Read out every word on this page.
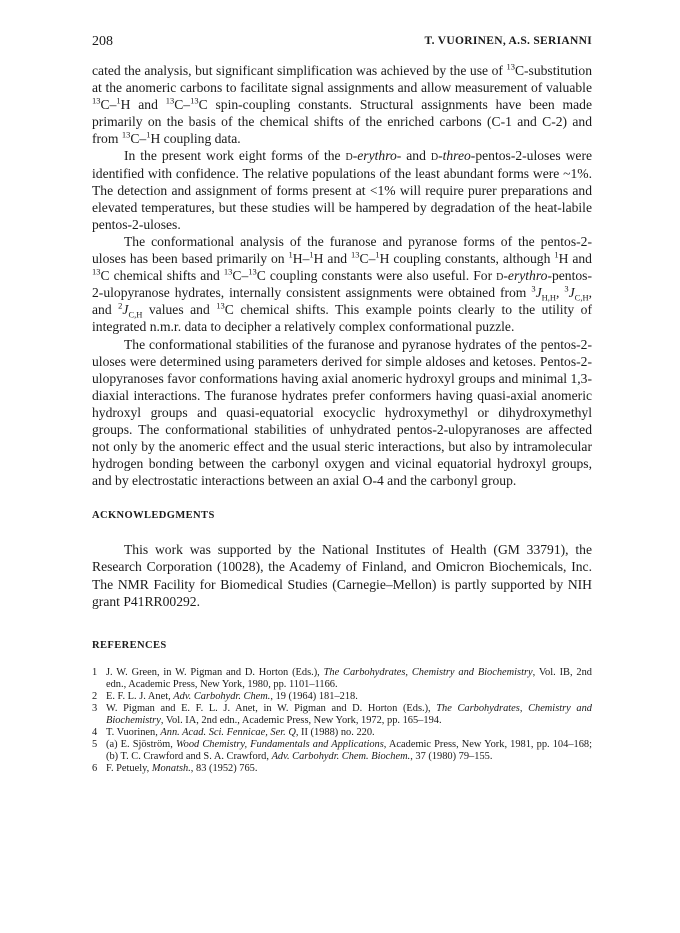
208	T. VUORINEN, A.S. SERIANNI

cated the analysis, but significant simplification was achieved by the use of $^{13}$C-substitution at the anomeric carbons to facilitate signal assignments and allow measurement of valuable $^{13}$C–$^1$H and $^{13}$C–$^{13}$C spin-coupling constants. Structural assignments have been made primarily on the basis of the chemical shifts of the enriched carbons (C-1 and C-2) and from $^{13}$C–$^1$H coupling data.

In the present work eight forms of the d-erythro- and d-threo-pentos-2-uloses were identified with confidence. The relative populations of the least abundant forms were ~1%. The detection and assignment of forms present at <1% will require purer preparations and elevated temperatures, but these studies will be hampered by degradation of the heat-labile pentos-2-uloses.

The conformational analysis of the furanose and pyranose forms of the pentos-2-uloses has been based primarily on $^1$H–$^1$H and $^{13}$C–$^1$H coupling constants, although $^1$H and $^{13}$C chemical shifts and $^{13}$C–$^{13}$C coupling constants were also useful. For d-erythro-pentos-2-ulopyranose hydrates, internally consistent assignments were obtained from $^3J_{H,H}$, $^3J_{C,H}$, and $^2J_{C,H}$ values and $^{13}$C chemical shifts. This example points clearly to the utility of integrated n.m.r. data to decipher a relatively complex conformational puzzle.

The conformational stabilities of the furanose and pyranose hydrates of the pentos-2-uloses were determined using parameters derived for simple aldoses and ketoses. Pentos-2-ulopyranoses favor conformations having axial anomeric hydroxyl groups and minimal 1,3-diaxial interactions. The furanose hydrates prefer conformers having quasi-axial anomeric hydroxyl groups and quasi-equatorial exocyclic hydroxymethyl or dihydroxymethyl groups. The conformational stabilities of unhydrated pentos-2-ulopyranoses are affected not only by the anomeric effect and the usual steric interactions, but also by intramolecular hydrogen bonding between the carbonyl oxygen and vicinal equatorial hydroxyl groups, and by electrostatic interactions between an axial O-4 and the carbonyl group.

ACKNOWLEDGMENTS

This work was supported by the National Institutes of Health (GM 33791), the Research Corporation (10028), the Academy of Finland, and Omicron Biochemicals, Inc. The NMR Facility for Biomedical Studies (Carnegie–Mellon) is partly supported by NIH grant P41RR00292.

REFERENCES
1 J. W. Green, in W. Pigman and D. Horton (Eds.), The Carbohydrates, Chemistry and Biochemistry, Vol. IB, 2nd edn., Academic Press, New York, 1980, pp. 1101–1166.
2 E. F. L. J. Anet, Adv. Carbohydr. Chem., 19 (1964) 181–218.
3 W. Pigman and E. F. L. J. Anet, in W. Pigman and D. Horton (Eds.), The Carbohydrates, Chemistry and Biochemistry, Vol. IA, 2nd edn., Academic Press, New York, 1972, pp. 165–194.
4 T. Vuorinen, Ann. Acad. Sci. Fennicae, Ser. Q, II (1988) no. 220.
5 (a) E. Sjöström, Wood Chemistry, Fundamentals and Applications, Academic Press, New York, 1981, pp. 104–168; (b) T. C. Crawford and S. A. Crawford, Adv. Carbohydr. Chem. Biochem., 37 (1980) 79–155.
6 F. Petuely, Monatsh., 83 (1952) 765.
